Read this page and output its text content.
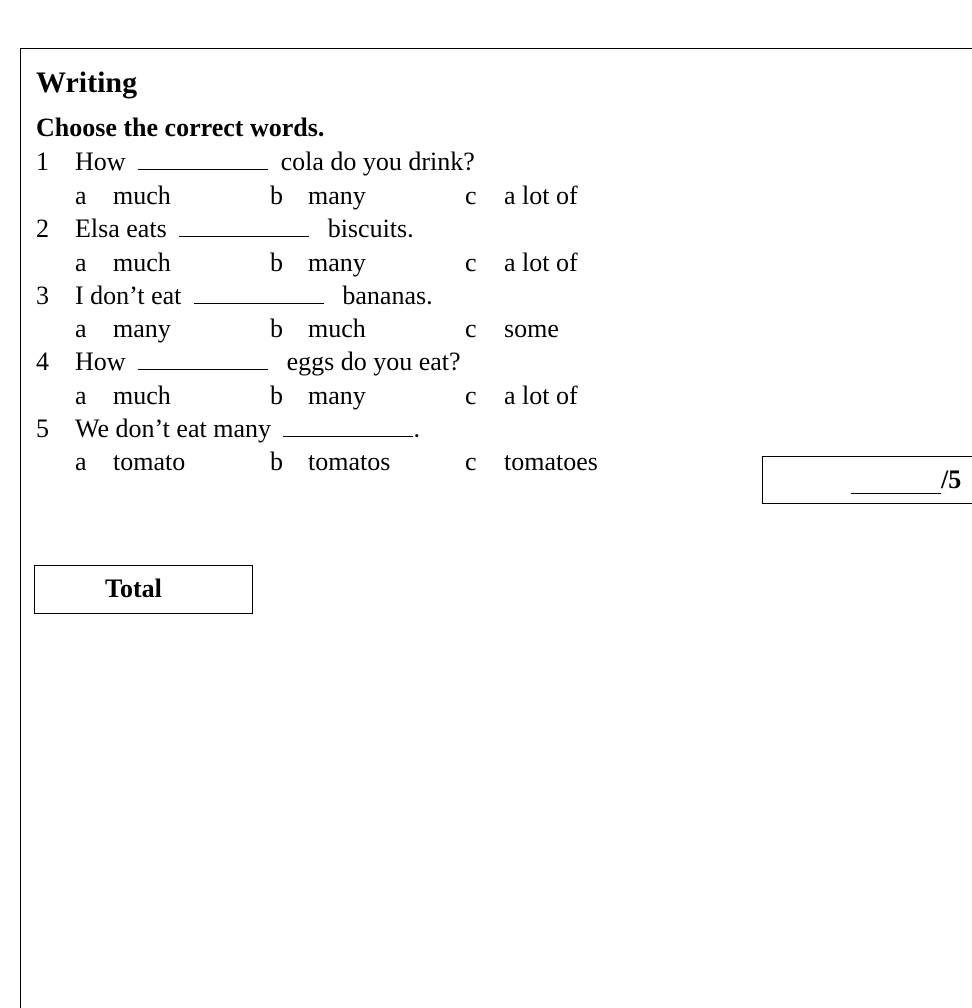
Writing

Choose the correct words.

1 How	cola do you drink?
a much	b many	c a lot of
2 Elsa eats	biscuits.
a much	b many	c a lot of
3 I don’t eat	bananas.
a many	b much	c some
4 How	eggs do you eat?
a much	b many	c a lot of
5 We don’t eat many	.
a tomato	b tomatos	c tomatoes
/5
Total
